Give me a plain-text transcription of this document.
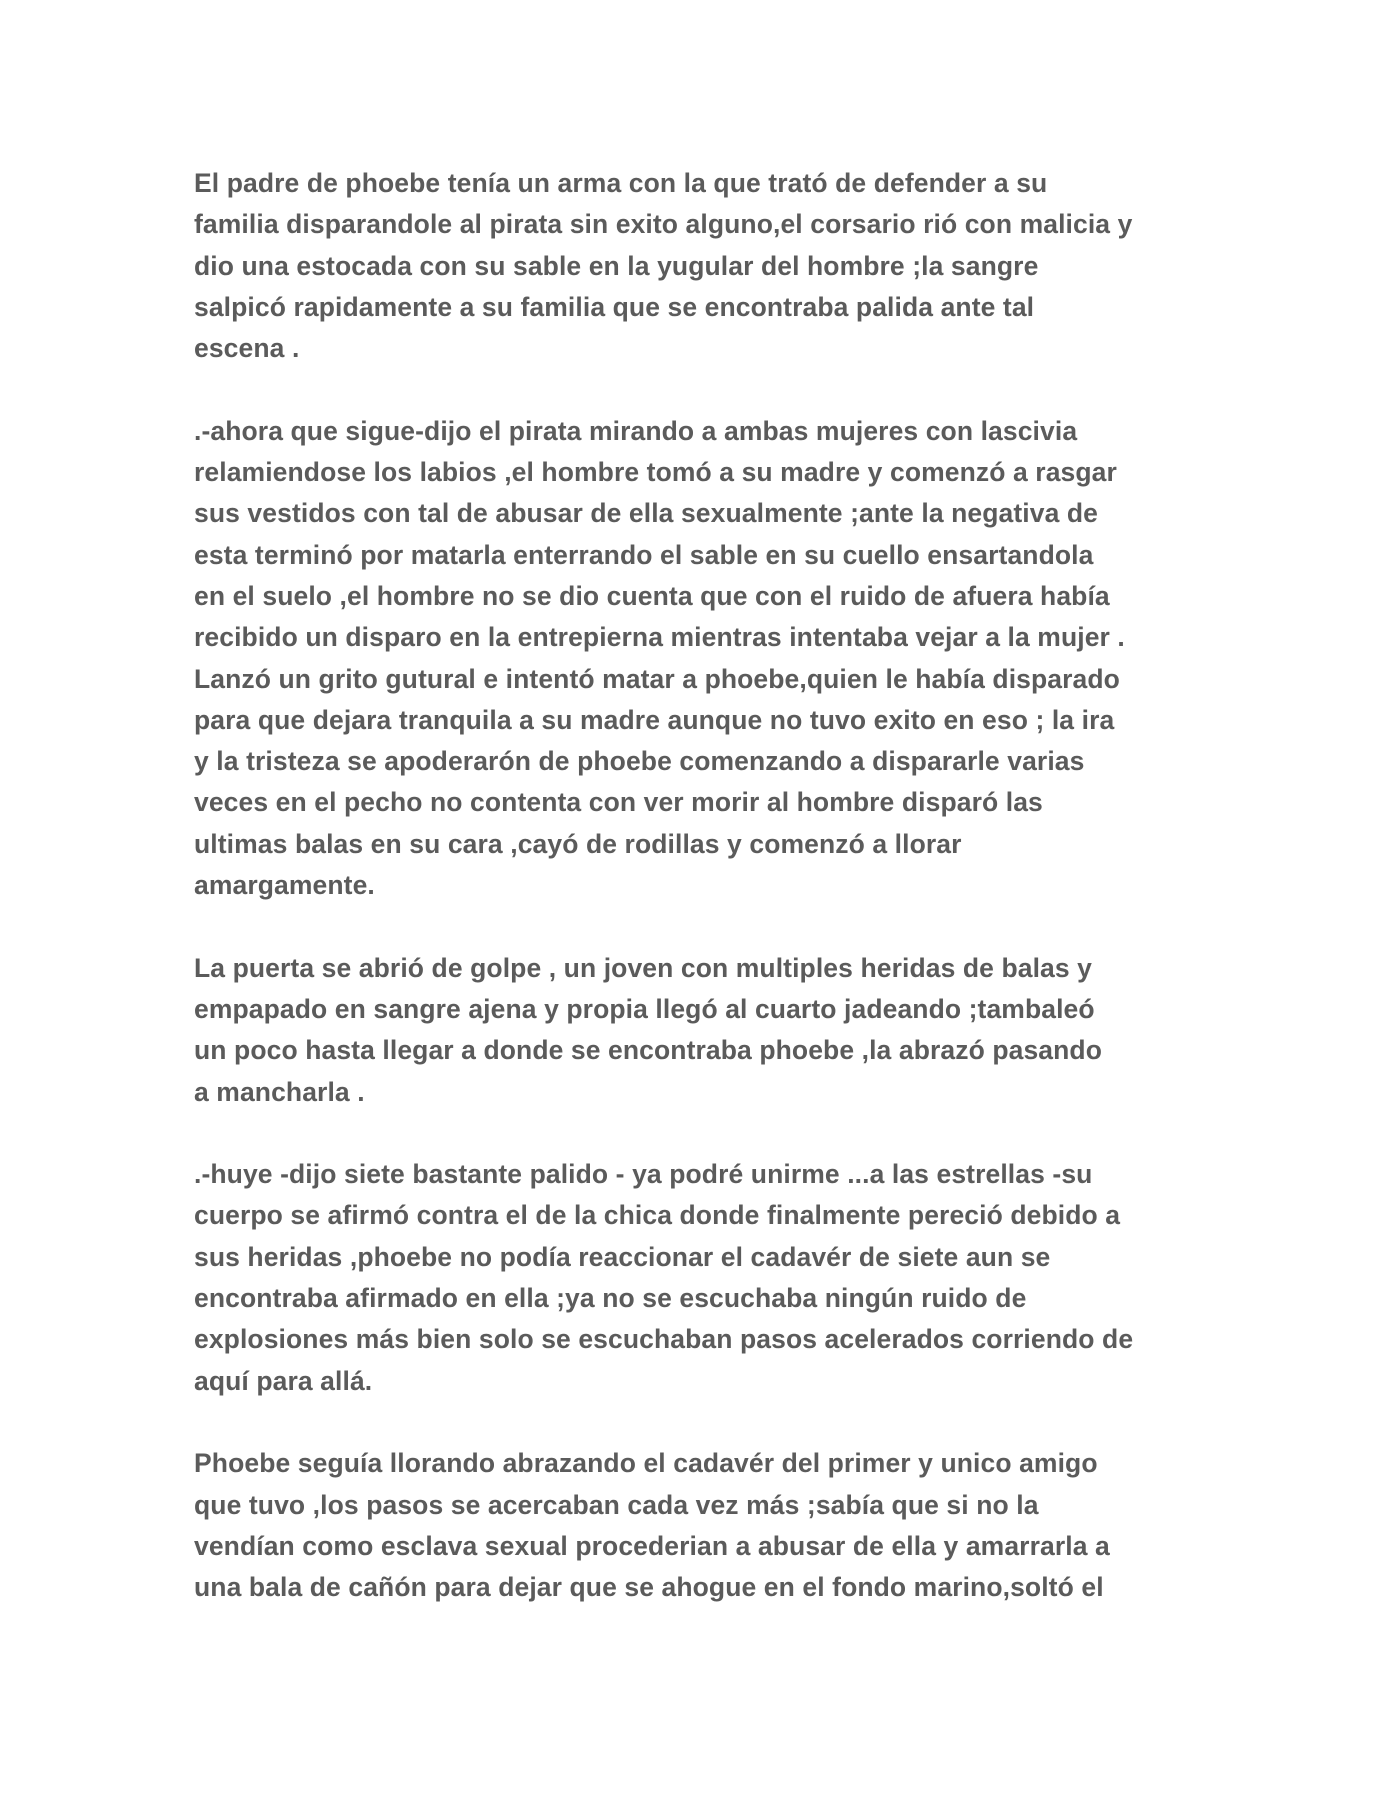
El padre de phoebe tenía un arma con la que trató de defender a su
familia disparandole al pirata sin exito alguno,el corsario rió con malicia y
dio una estocada con su sable en la yugular del hombre ;la sangre
salpicó rapidamente a su familia que se encontraba palida ante tal
escena .

.-ahora que sigue-dijo el pirata mirando a ambas mujeres con lascivia
relamiendose los labios ,el hombre tomó a su madre y comenzó a rasgar
sus vestidos con tal de abusar de ella sexualmente ;ante la negativa de
esta terminó por matarla enterrando el sable en su cuello ensartandola
en el suelo ,el hombre no se dio cuenta que con el ruido de afuera había
recibido un disparo en la entrepierna mientras intentaba vejar a la mujer .
Lanzó un grito gutural e intentó matar a phoebe,quien le había disparado
para que dejara tranquila a su madre aunque no tuvo exito en eso ; la ira
y la tristeza se apoderarón de phoebe comenzando a dispararle varias
veces en el pecho no contenta con ver morir al hombre disparó las
ultimas balas en su cara ,cayó de rodillas y comenzó a llorar
amargamente.

La puerta se abrió de golpe , un joven con multiples heridas de balas y
empapado en sangre ajena y propia llegó al cuarto jadeando ;tambaleó
un poco hasta llegar a donde se encontraba phoebe ,la abrazó pasando
a mancharla .

.-huye -dijo siete bastante palido - ya podré unirme ...a las estrellas -su
cuerpo se afirmó contra el de la chica donde finalmente pereció debido a
sus heridas ,phoebe no podía reaccionar el cadavér de siete aun se
encontraba afirmado en ella ;ya no se escuchaba ningún ruido de
explosiones más bien solo se escuchaban pasos acelerados corriendo de
aquí para allá.

Phoebe seguía llorando abrazando el cadavér del primer y unico amigo
que tuvo ,los pasos se acercaban cada vez más ;sabía que si no la
vendían como esclava sexual procederian a abusar de ella y amarrarla a
una bala de cañón para dejar que se ahogue en el fondo marino,soltó el
